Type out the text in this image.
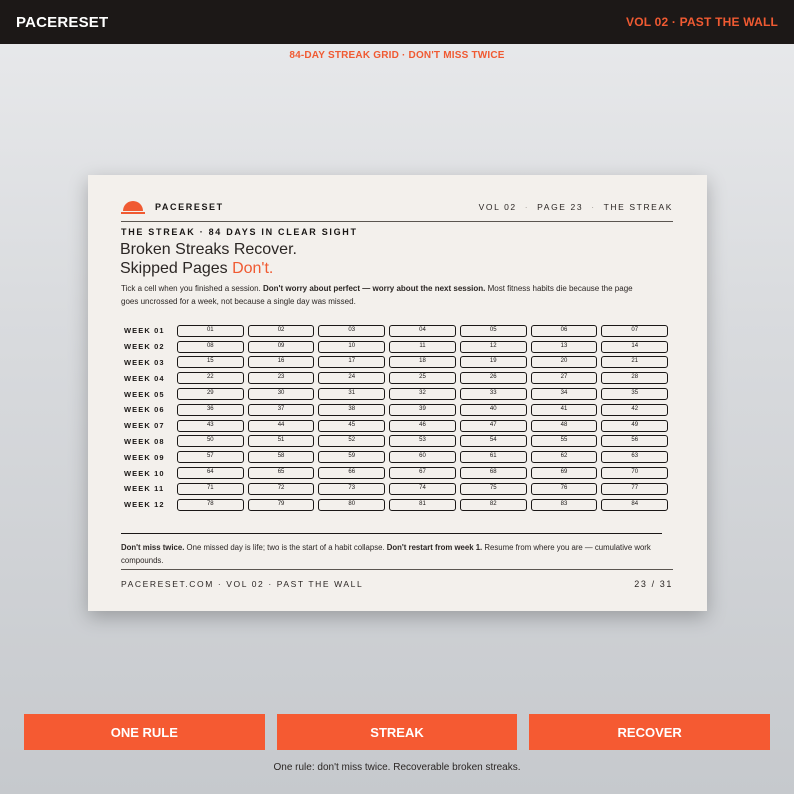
PACERESET	VOL 02 · PAST THE WALL
84-DAY STREAK GRID · DON'T MISS TWICE
PACERESET	VOL 02 · PAGE 23 · THE STREAK
THE STREAK · 84 DAYS IN CLEAR SIGHT
Broken Streaks Recover.
Skipped Pages Don't.
Tick a cell when you finished a session. Don't worry about perfect — worry about the next session. Most fitness habits die because the page goes uncrossed for a week, not because a single day was missed.
WEEK 01	01	02	03	04	05	06	07
WEEK 02	08	09	10	11	12	13	14
WEEK 03	15	16	17	18	19	20	21
WEEK 04	22	23	24	25	26	27	28
WEEK 05	29	30	31	32	33	34	35
WEEK 06	36	37	38	39	40	41	42
WEEK 07	43	44	45	46	47	48	49
WEEK 08	50	51	52	53	54	55	56
WEEK 09	57	58	59	60	61	62	63
WEEK 10	64	65	66	67	68	69	70
WEEK 11	71	72	73	74	75	76	77
WEEK 12	78	79	80	81	82	83	84
Don't miss twice. One missed day is life; two is the start of a habit collapse. Don't restart from week 1. Resume from where you are — cumulative work compounds.
PACERESET.COM · VOL 02 · PAST THE WALL	23 / 31
ONE RULE	STREAK	RECOVER
One rule: don't miss twice. Recoverable broken streaks.
